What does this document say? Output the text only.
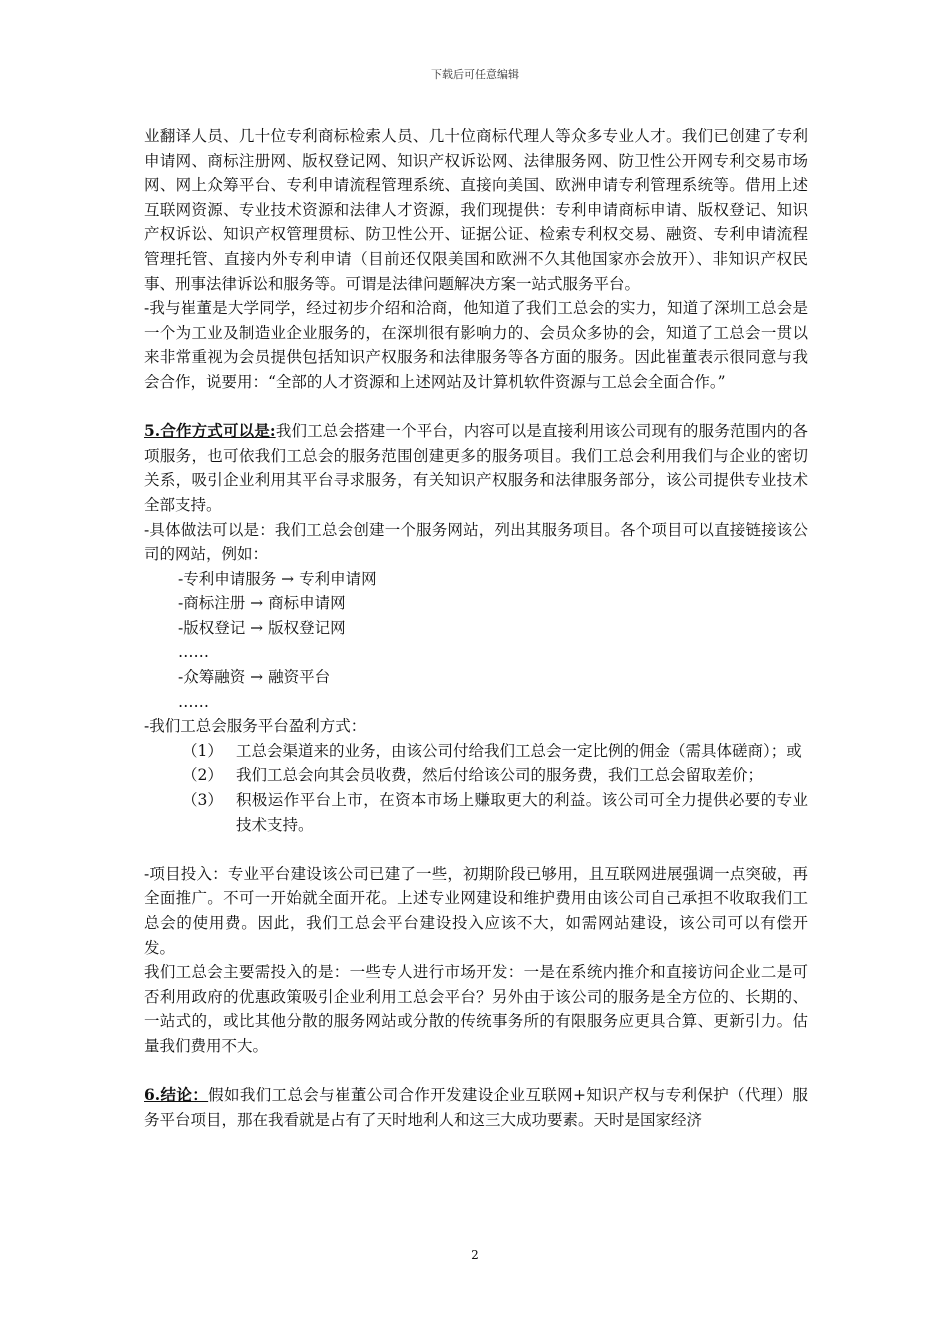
下载后可任意编辑

业翻译人员、几十位专利商标检索人员、几十位商标代理人等众多专业人才。我们已创建了专利申请网、商标注册网、版权登记网、知识产权诉讼网、法律服务网、防卫性公开网专利交易市场网、网上众筹平台、专利申请流程管理系统、直接向美国、欧洲申请专利管理系统等。借用上述互联网资源、专业技术资源和法律人才资源，我们现提供：专利申请商标申请、版权登记、知识产权诉讼、知识产权管理贯标、防卫性公开、证据公证、检索专利权交易、融资、专利申请流程管理托管、直接内外专利申请（目前还仅限美国和欧洲不久其他国家亦会放开）、非知识产权民事、刑事法律诉讼和服务等。可谓是法律问题解决方案一站式服务平台。

-我与崔董是大学同学，经过初步介绍和洽商，他知道了我们工总会的实力，知道了深圳工总会是一个为工业及制造业企业服务的，在深圳很有影响力的、会员众多协的会，知道了工总会一贯以来非常重视为会员提供包括知识产权服务和法律服务等各方面的服务。因此崔董表示很同意与我会合作，说要用：“全部的人才资源和上述网站及计算机软件资源与工总会全面合作。”

5.合作方式可以是:我们工总会搭建一个平台，内容可以是直接利用该公司现有的服务范围内的各项服务，也可依我们工总会的服务范围创建更多的服务项目。我们工总会利用我们与企业的密切关系，吸引企业利用其平台寻求服务，有关知识产权服务和法律服务部分，该公司提供专业技术全部支持。

-具体做法可以是：我们工总会创建一个服务网站，列出其服务项目。各个项目可以直接链接该公司的网站，例如：

-专利申请服务 → 专利申请网

-商标注册 → 商标申请网

-版权登记 → 版权登记网

……

-众筹融资 → 融资平台

……

-我们工总会服务平台盈利方式：

（1） 工总会渠道来的业务，由该公司付给我们工总会一定比例的佣金（需具体磋商）；或
（2） 我们工总会向其会员收费，然后付给该公司的服务费，我们工总会留取差价；
（3） 积极运作平台上市，在资本市场上赚取更大的利益。该公司可全力提供必要的专业技术支持。

-项目投入：专业平台建设该公司已建了一些，初期阶段已够用，且互联网进展强调一点突破，再全面推广。不可一开始就全面开花。上述专业网建设和维护费用由该公司自己承担不收取我们工总会的使用费。因此，我们工总会平台建设投入应该不大，如需网站建设，该公司可以有偿开发。

我们工总会主要需投入的是：一些专人进行市场开发：一是在系统内推介和直接访问企业二是可否利用政府的优惠政策吸引企业利用工总会平台？另外由于该公司的服务是全方位的、长期的、一站式的，或比其他分散的服务网站或分散的传统事务所的有限服务应更具合算、更新引力。估量我们费用不大。

6.结论：假如我们工总会与崔董公司合作开发建设企业互联网+知识产权与专利保护（代理）服务平台项目，那在我看就是占有了天时地利人和这三大成功要素。天时是国家经济

2
